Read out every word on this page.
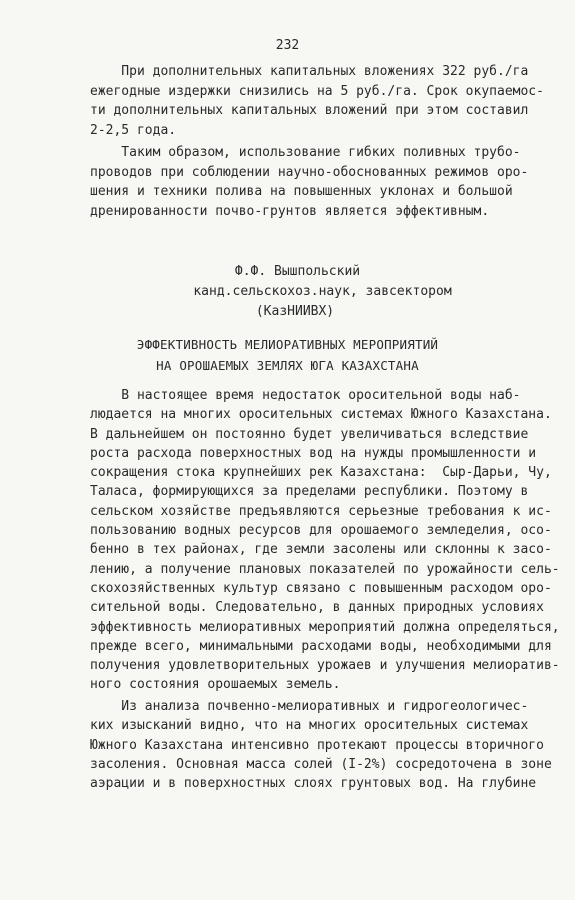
232
При дополнительных капитальных вложениях 322 руб./га
ежегодные издержки снизились на 5 руб./га. Срок окупаемос-
ти дополнительных капитальных вложений при этом составил
2-2,5 года.
Таким образом, использование гибких поливных трубо-
проводов при соблюдении научно-обоснованных режимов оро-
шения и техники полива на повышенных уклонах и большой
дренированности почво-грунтов является эффективным.
Ф.Ф. Вышпольский
канд.сельскохоз.наук, завсектором
(КазНИИВХ)
ЭФФЕКТИВНОСТЬ МЕЛИОРАТИВНЫХ МЕРОПРИЯТИЙ
НА ОРОШАЕМЫХ ЗЕМЛЯХ ЮГА КАЗАХСТАНА
В настоящее время недостаток оросительной воды наб-
людается на многих оросительных системах Южного Казахстана.
В дальнейшем он постоянно будет увеличиваться вследствие
роста расхода поверхностных вод на нужды промышленности и
сокращения стока крупнейших рек Казахстана:  Сыр-Дарьи, Чу,
Таласа, формирующихся за пределами республики. Поэтому в
сельском хозяйстве предъявляются серьезные требования к ис-
пользованию водных ресурсов для орошаемого земледелия, осо-
бенно в тех районах, где земли засолены или склонны к засо-
лению, а получение плановых показателей по урожайности сель-
скохозяйственных культур связано с повышенным расходом оро-
сительной воды. Следовательно, в данных природных условиях
эффективность мелиоративных мероприятий должна определяться,
прежде всего, минимальными расходами воды, необходимыми для
получения удовлетворительных урожаев и улучшения мелиоратив-
ного состояния орошаемых земель.
Из анализа почвенно-мелиоративных и гидрогеологичес-
ких изысканий видно, что на многих оросительных системах
Южного Казахстана интенсивно протекают процессы вторичного
засоления. Основная масса солей (I-2%) сосредоточена в зоне
аэрации и в поверхностных слоях грунтовых вод. На глубине
